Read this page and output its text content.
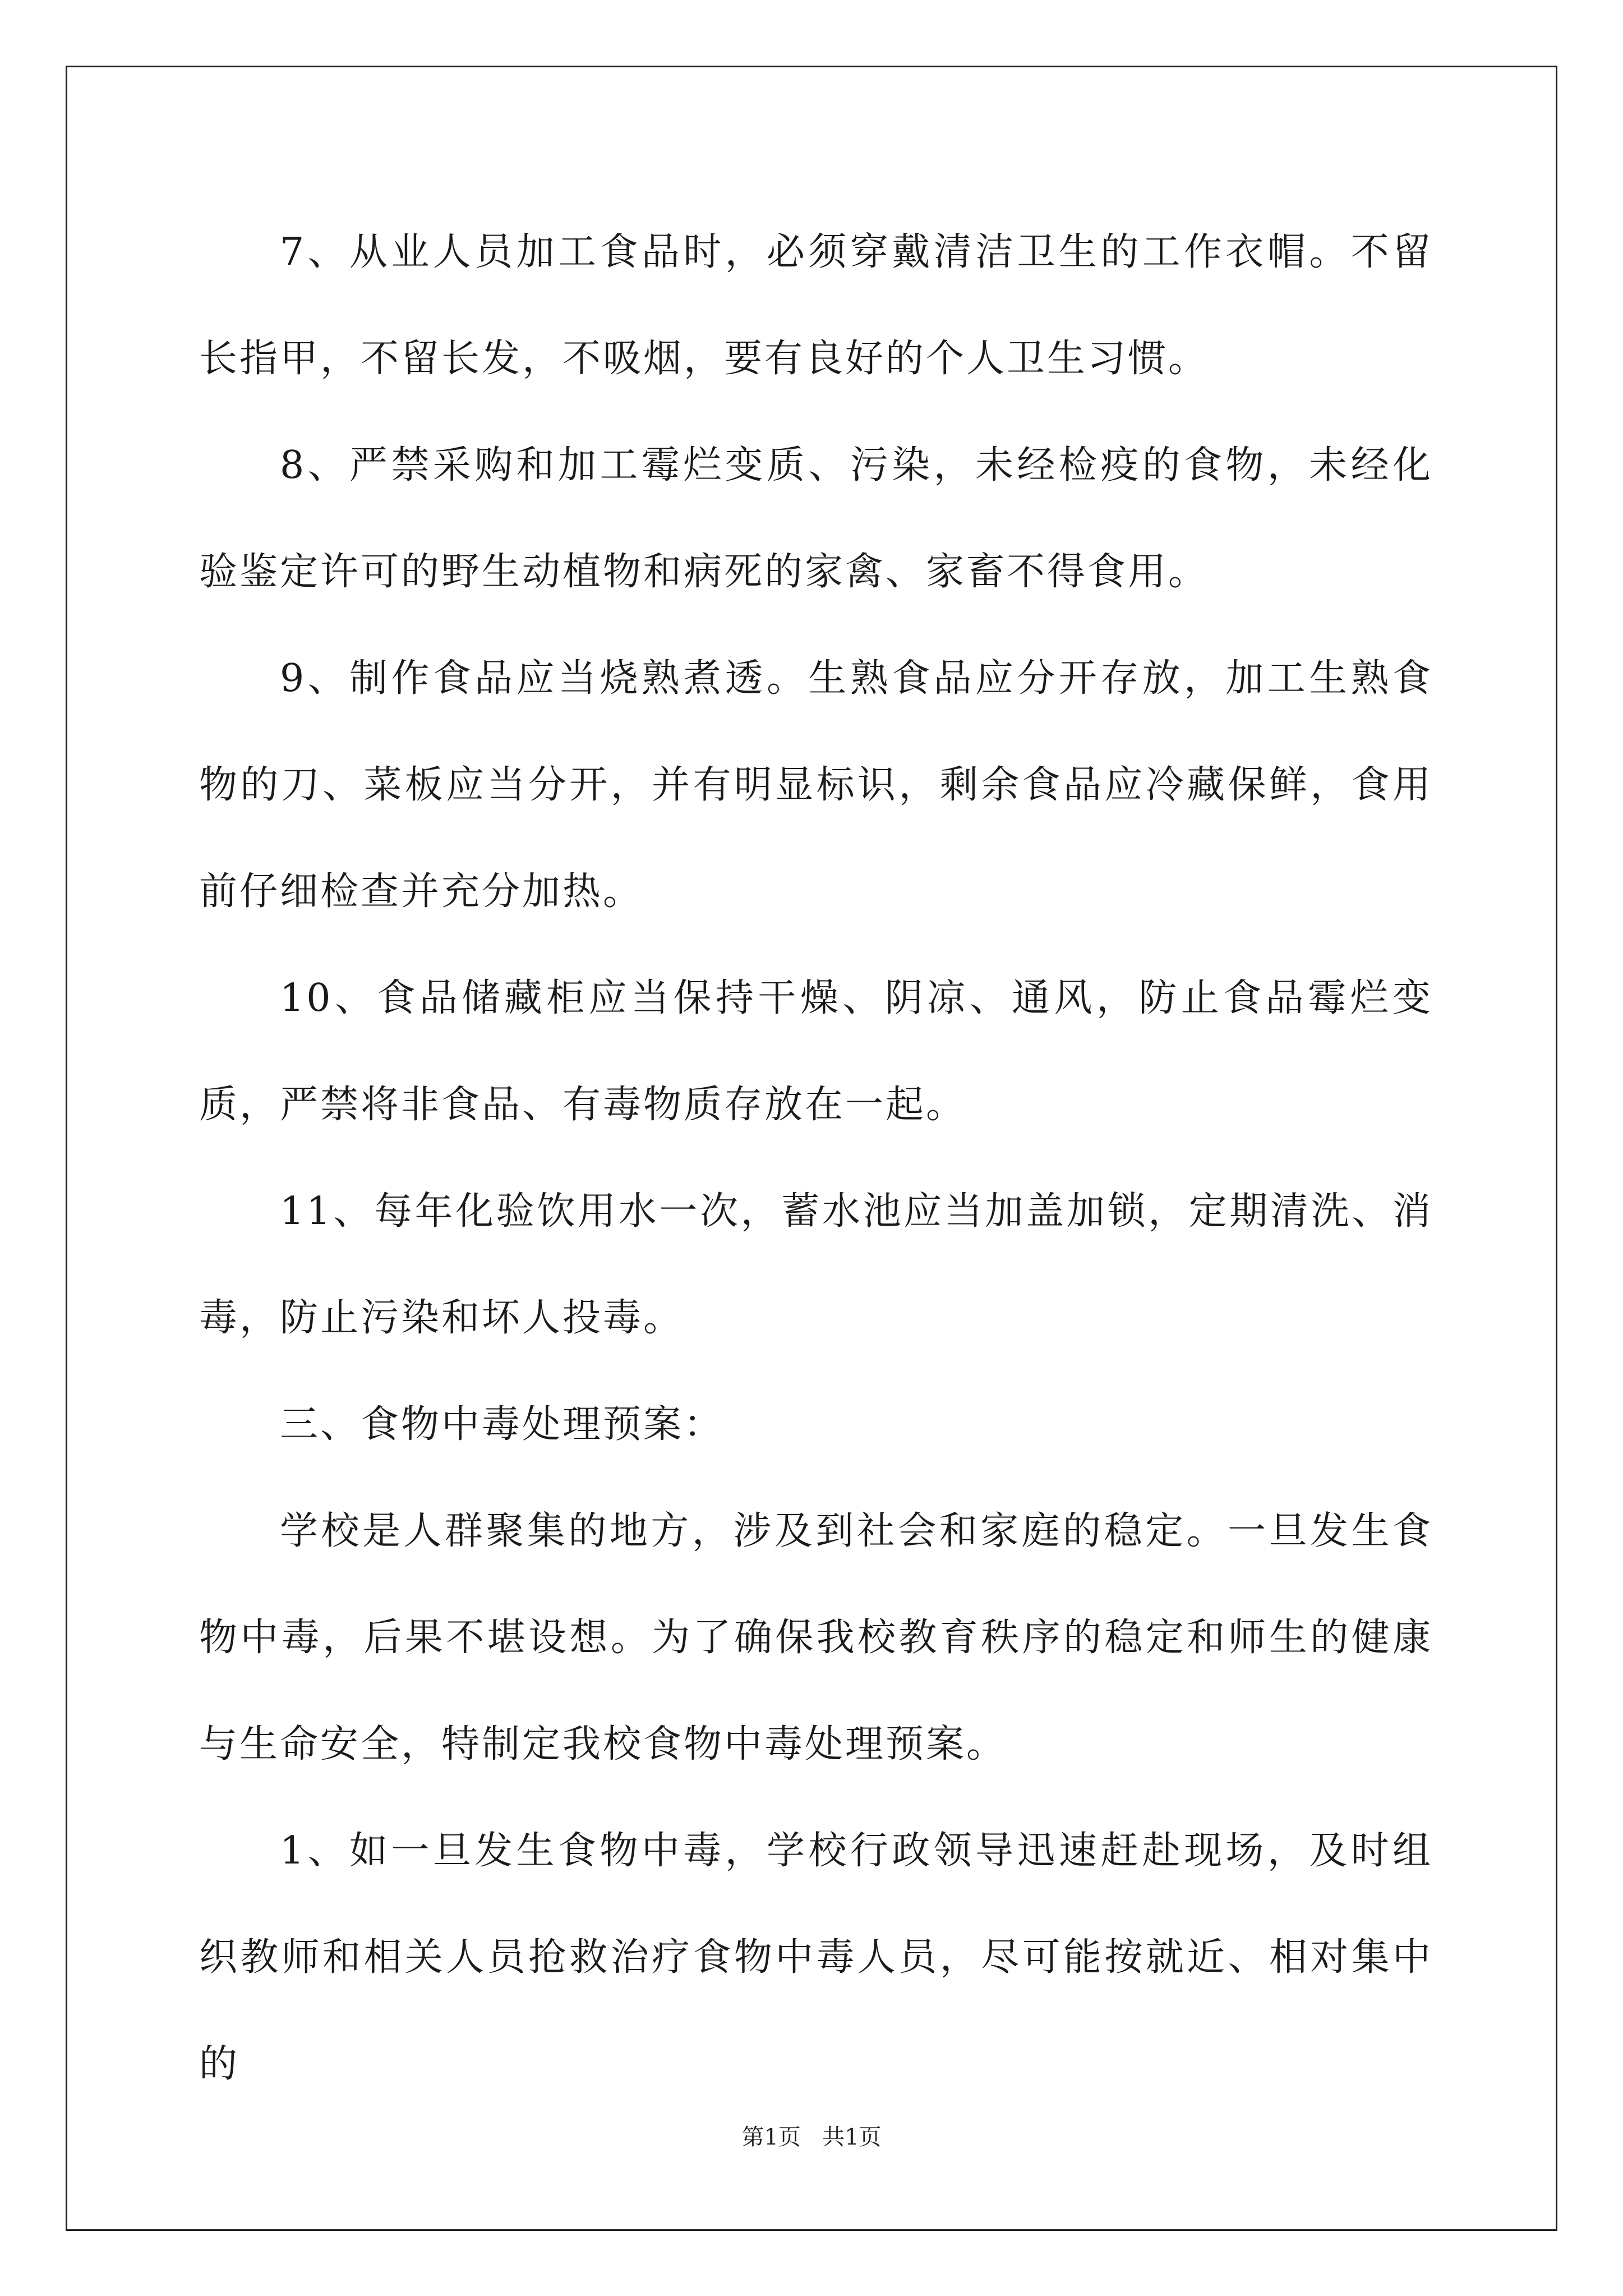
7、从业人员加工食品时，必须穿戴清洁卫生的工作衣帽。不留长指甲，不留长发，不吸烟，要有良好的个人卫生习惯。

8、严禁采购和加工霉烂变质、污染，未经检疫的食物，未经化验鉴定许可的野生动植物和病死的家禽、家畜不得食用。

9、制作食品应当烧熟煮透。生熟食品应分开存放，加工生熟食物的刀、菜板应当分开，并有明显标识，剩余食品应冷藏保鲜，食用前仔细检查并充分加热。

10、食品储藏柜应当保持干燥、阴凉、通风，防止食品霉烂变质，严禁将非食品、有毒物质存放在一起。

11、每年化验饮用水一次，蓄水池应当加盖加锁，定期清洗、消毒，防止污染和坏人投毒。

三、食物中毒处理预案：

学校是人群聚集的地方，涉及到社会和家庭的稳定。一旦发生食物中毒，后果不堪设想。为了确保我校教育秩序的稳定和师生的健康与生命安全，特制定我校食物中毒处理预案。

1、如一旦发生食物中毒，学校行政领导迅速赶赴现场，及时组织教师和相关人员抢救治疗食物中毒人员，尽可能按就近、相对集中的

第1页 共1页
